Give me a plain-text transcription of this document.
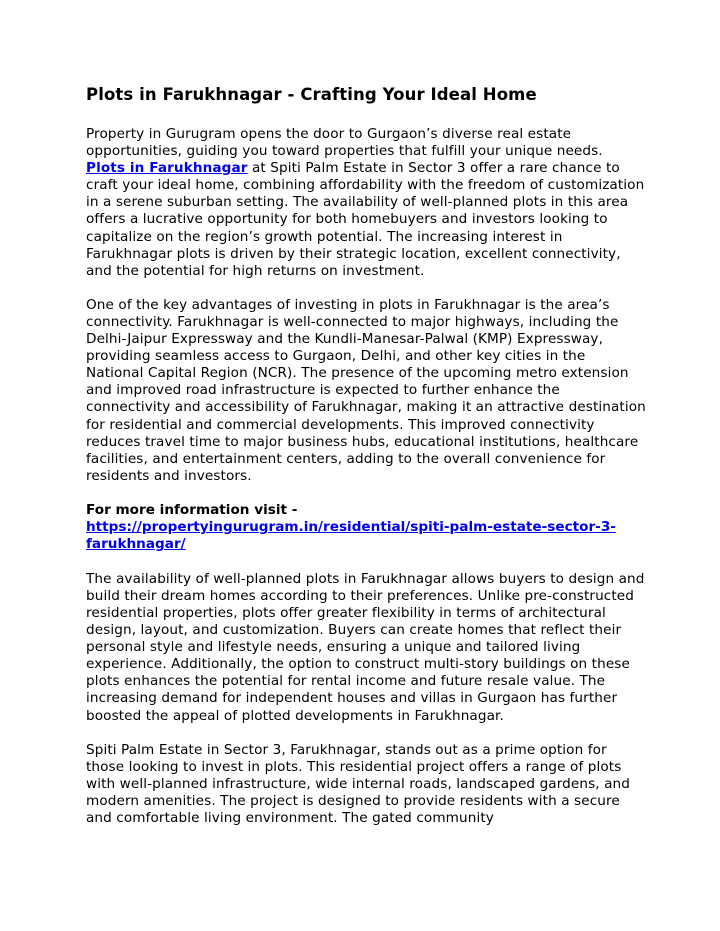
Plots in Farukhnagar - Crafting Your Ideal Home

Property in Gurugram opens the door to Gurgaon’s diverse real estate opportunities, guiding you toward properties that fulfill your unique needs. Plots in Farukhnagar at Spiti Palm Estate in Sector 3 offer a rare chance to craft your ideal home, combining affordability with the freedom of customization in a serene suburban setting. The availability of well-planned plots in this area offers a lucrative opportunity for both homebuyers and investors looking to capitalize on the region’s growth potential. The increasing interest in Farukhnagar plots is driven by their strategic location, excellent connectivity, and the potential for high returns on investment.

One of the key advantages of investing in plots in Farukhnagar is the area’s connectivity. Farukhnagar is well-connected to major highways, including the Delhi-Jaipur Expressway and the Kundli-Manesar-Palwal (KMP) Expressway, providing seamless access to Gurgaon, Delhi, and other key cities in the National Capital Region (NCR). The presence of the upcoming metro extension and improved road infrastructure is expected to further enhance the connectivity and accessibility of Farukhnagar, making it an attractive destination for residential and commercial developments. This improved connectivity reduces travel time to major business hubs, educational institutions, healthcare facilities, and entertainment centers, adding to the overall convenience for residents and investors.

For more information visit -
https://propertyingurugram.in/residential/spiti-palm-estate-sector-3-farukhnagar/

The availability of well-planned plots in Farukhnagar allows buyers to design and build their dream homes according to their preferences. Unlike pre-constructed residential properties, plots offer greater flexibility in terms of architectural design, layout, and customization. Buyers can create homes that reflect their personal style and lifestyle needs, ensuring a unique and tailored living experience. Additionally, the option to construct multi-story buildings on these plots enhances the potential for rental income and future resale value. The increasing demand for independent houses and villas in Gurgaon has further boosted the appeal of plotted developments in Farukhnagar.

Spiti Palm Estate in Sector 3, Farukhnagar, stands out as a prime option for those looking to invest in plots. This residential project offers a range of plots with well-planned infrastructure, wide internal roads, landscaped gardens, and modern amenities. The project is designed to provide residents with a secure and comfortable living environment. The gated community
